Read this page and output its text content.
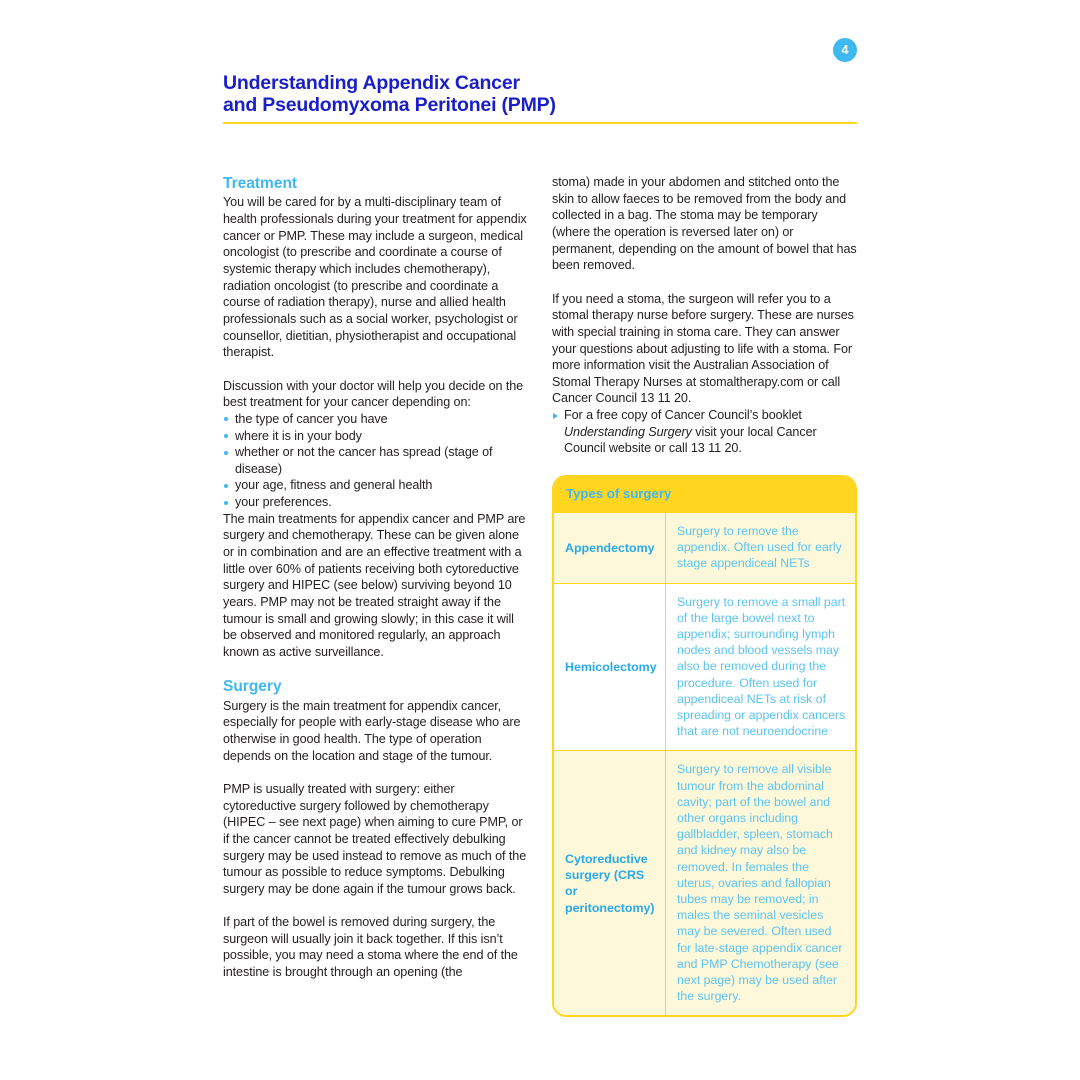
4
Understanding Appendix Cancer
and Pseudomyxoma Peritonei (PMP)
Treatment

You will be cared for by a multi-disciplinary team of health professionals during your treatment for appendix cancer or PMP. These may include a surgeon, medical oncologist (to prescribe and coordinate a course of systemic therapy which includes chemotherapy), radiation oncologist (to prescribe and coordinate a course of radiation therapy), nurse and allied health professionals such as a social worker, psychologist or counsellor, dietitian, physiotherapist and occupational therapist.

Discussion with your doctor will help you decide on the best treatment for your cancer depending on:

the type of cancer you have
where it is in your body
whether or not the cancer has spread (stage of disease)
your age, fitness and general health
your preferences.

The main treatments for appendix cancer and PMP are surgery and chemotherapy. These can be given alone or in combination and are an effective treatment with a little over 60% of patients receiving both cytoreductive surgery and HIPEC (see below) surviving beyond 10 years. PMP may not be treated straight away if the tumour is small and growing slowly; in this case it will be observed and monitored regularly, an approach known as active surveillance.

Surgery

Surgery is the main treatment for appendix cancer, especially for people with early-stage disease who are otherwise in good health. The type of operation depends on the location and stage of the tumour.

PMP is usually treated with surgery: either cytoreductive surgery followed by chemotherapy (HIPEC – see next page) when aiming to cure PMP, or if the cancer cannot be treated effectively debulking surgery may be used instead to remove as much of the tumour as possible to reduce symptoms. Debulking surgery may be done again if the tumour grows back.

If part of the bowel is removed during surgery, the surgeon will usually join it back together. If this isn’t possible, you may need a stoma where the end of the intestine is brought through an opening (the

stoma) made in your abdomen and stitched onto the skin to allow faeces to be removed from the body and collected in a bag. The stoma may be temporary (where the operation is reversed later on) or permanent, depending on the amount of bowel that has been removed.

If you need a stoma, the surgeon will refer you to a stomal therapy nurse before surgery. These are nurses with special training in stoma care. They can answer your questions about adjusting to life with a stoma. For more information visit the Australian Association of Stomal Therapy Nurses at stomaltherapy.com or call Cancer Council 13 11 20.

For a free copy of Cancer Council’s booklet Understanding Surgery visit your local Cancer Council website or call 13 11 20.
Types of surgery
Appendectomy
Surgery to remove the appendix. Often used for early stage appendiceal NETs
Hemicolectomy
Surgery to remove a small part of the large bowel next to appendix; surrounding lymph nodes and blood vessels may also be removed during the procedure. Often used for appendiceal NETs at risk of spreading or appendix cancers that are not neuroendocrine
Cytoreductive surgery (CRS or peritonectomy)
Surgery to remove all visible tumour from the abdominal cavity; part of the bowel and other organs including gallbladder, spleen, stomach and kidney may also be removed. In females the uterus, ovaries and fallopian tubes may be removed; in males the seminal vesicles may be severed. Often used for late-stage appendix cancer and PMP Chemotherapy (see next page) may be used after the surgery.
